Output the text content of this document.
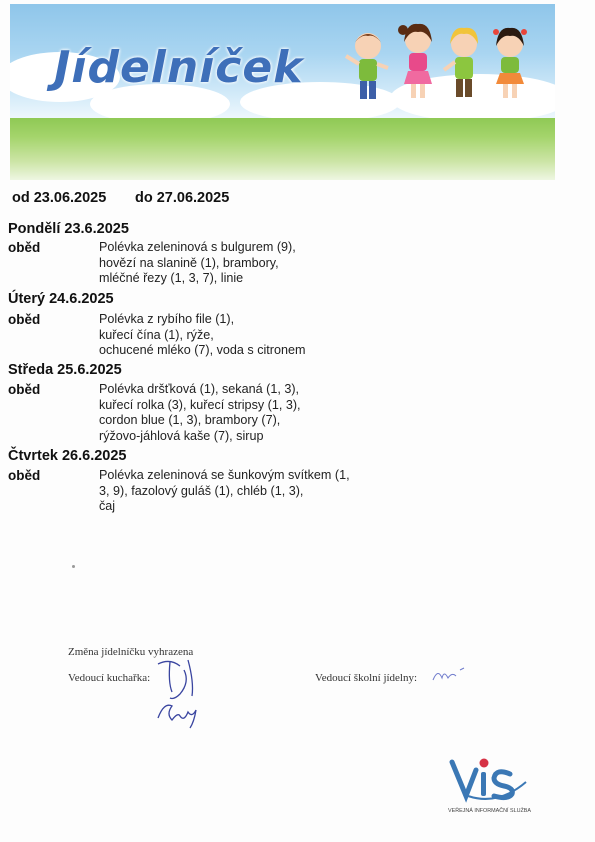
Jídelníček
od 23.06.2025 do 27.06.2025
Pondělí 23.6.2025
oběd	Polévka zeleninová s bulgurem (9),
hovězí na slanině (1), brambory,
mléčné řezy (1, 3, 7), linie
Úterý 24.6.2025
oběd	Polévka z rybího file (1),
kuřecí čína (1), rýže,
ochucené mléko (7), voda s citronem
Středa 25.6.2025
oběd	Polévka dršťková (1), sekaná (1, 3),
kuřecí rolka (3), kuřecí stripsy (1, 3),
cordon blue (1, 3), brambory (7),
rýžovo-jáhlová kaše (7), sirup
Čtvrtek 26.6.2025
oběd	Polévka zeleninová se šunkovým svítkem (1,
3, 9), fazolový guláš (1), chléb (1, 3),
čaj
Změna jídelníčku vyhrazena
Vedoucí kuchařka:	Vedoucí školní jídelny:
VEŘEJNÁ INFORMAČNÍ SLUŽBA
